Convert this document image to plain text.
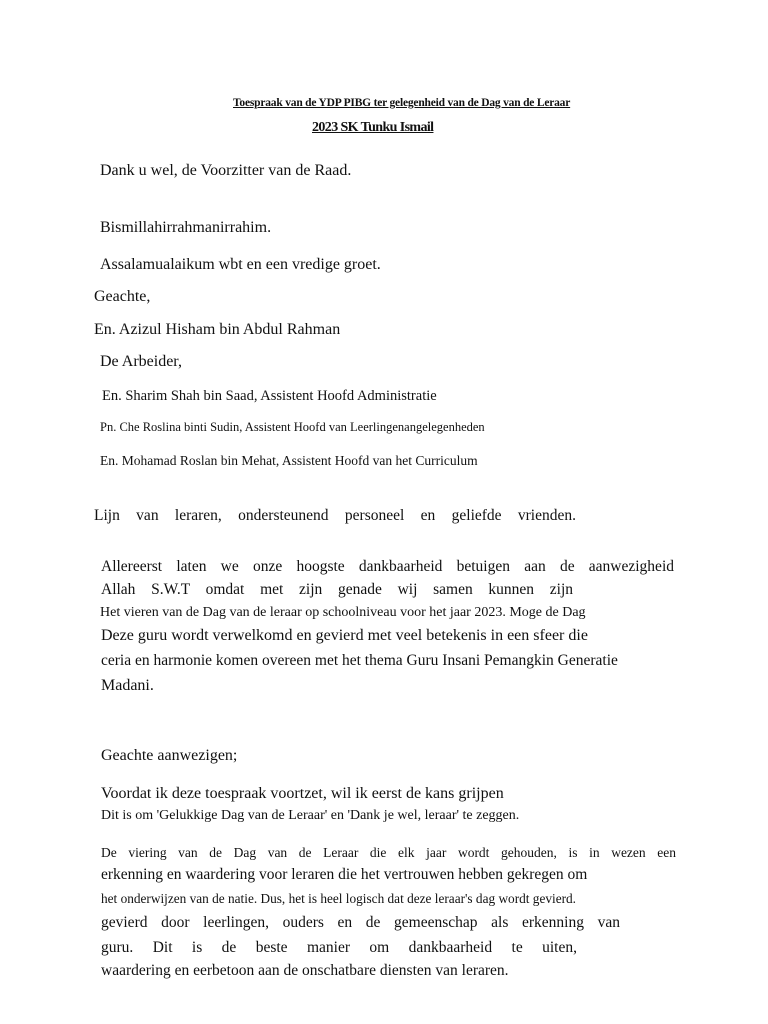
Toespraak van de YDP PIBG ter gelegenheid van de Dag van de Leraar
2023 SK Tunku Ismail
Dank u wel, de Voorzitter van de Raad.
Bismillahirrahmanirrahim.
Assalamualaikum wbt en een vredige groet.
Geachte,
En. Azizul Hisham bin Abdul Rahman
De Arbeider,
En. Sharim Shah bin Saad, Assistent Hoofd Administratie
Pn. Che Roslina binti Sudin, Assistent Hoofd van Leerlingenangelegenheden
En. Mohamad Roslan bin Mehat, Assistent Hoofd van het Curriculum
Lijn van leraren, ondersteunend personeel en geliefde vrienden.
Allereerst laten we onze hoogste dankbaarheid betuigen aan de aanwezigheid
Allah S.W.T omdat met zijn genade wij samen kunnen zijn
Het vieren van de Dag van de leraar op schoolniveau voor het jaar 2023. Moge de Dag
Deze guru wordt verwelkomd en gevierd met veel betekenis in een sfeer die
ceria en harmonie komen overeen met het thema Guru Insani Pemangkin Generatie
Madani.
Geachte aanwezigen;
Voordat ik deze toespraak voortzet, wil ik eerst de kans grijpen
Dit is om 'Gelukkige Dag van de Leraar' en 'Dank je wel, leraar' te zeggen.
De viering van de Dag van de Leraar die elk jaar wordt gehouden, is in wezen een
erkenning en waardering voor leraren die het vertrouwen hebben gekregen om
het onderwijzen van de natie. Dus, het is heel logisch dat deze leraar's dag wordt gevierd.
gevierd door leerlingen, ouders en de gemeenschap als erkenning van
guru. Dit is de beste manier om dankbaarheid te uiten,
waardering en eerbetoon aan de onschatbare diensten van leraren.
